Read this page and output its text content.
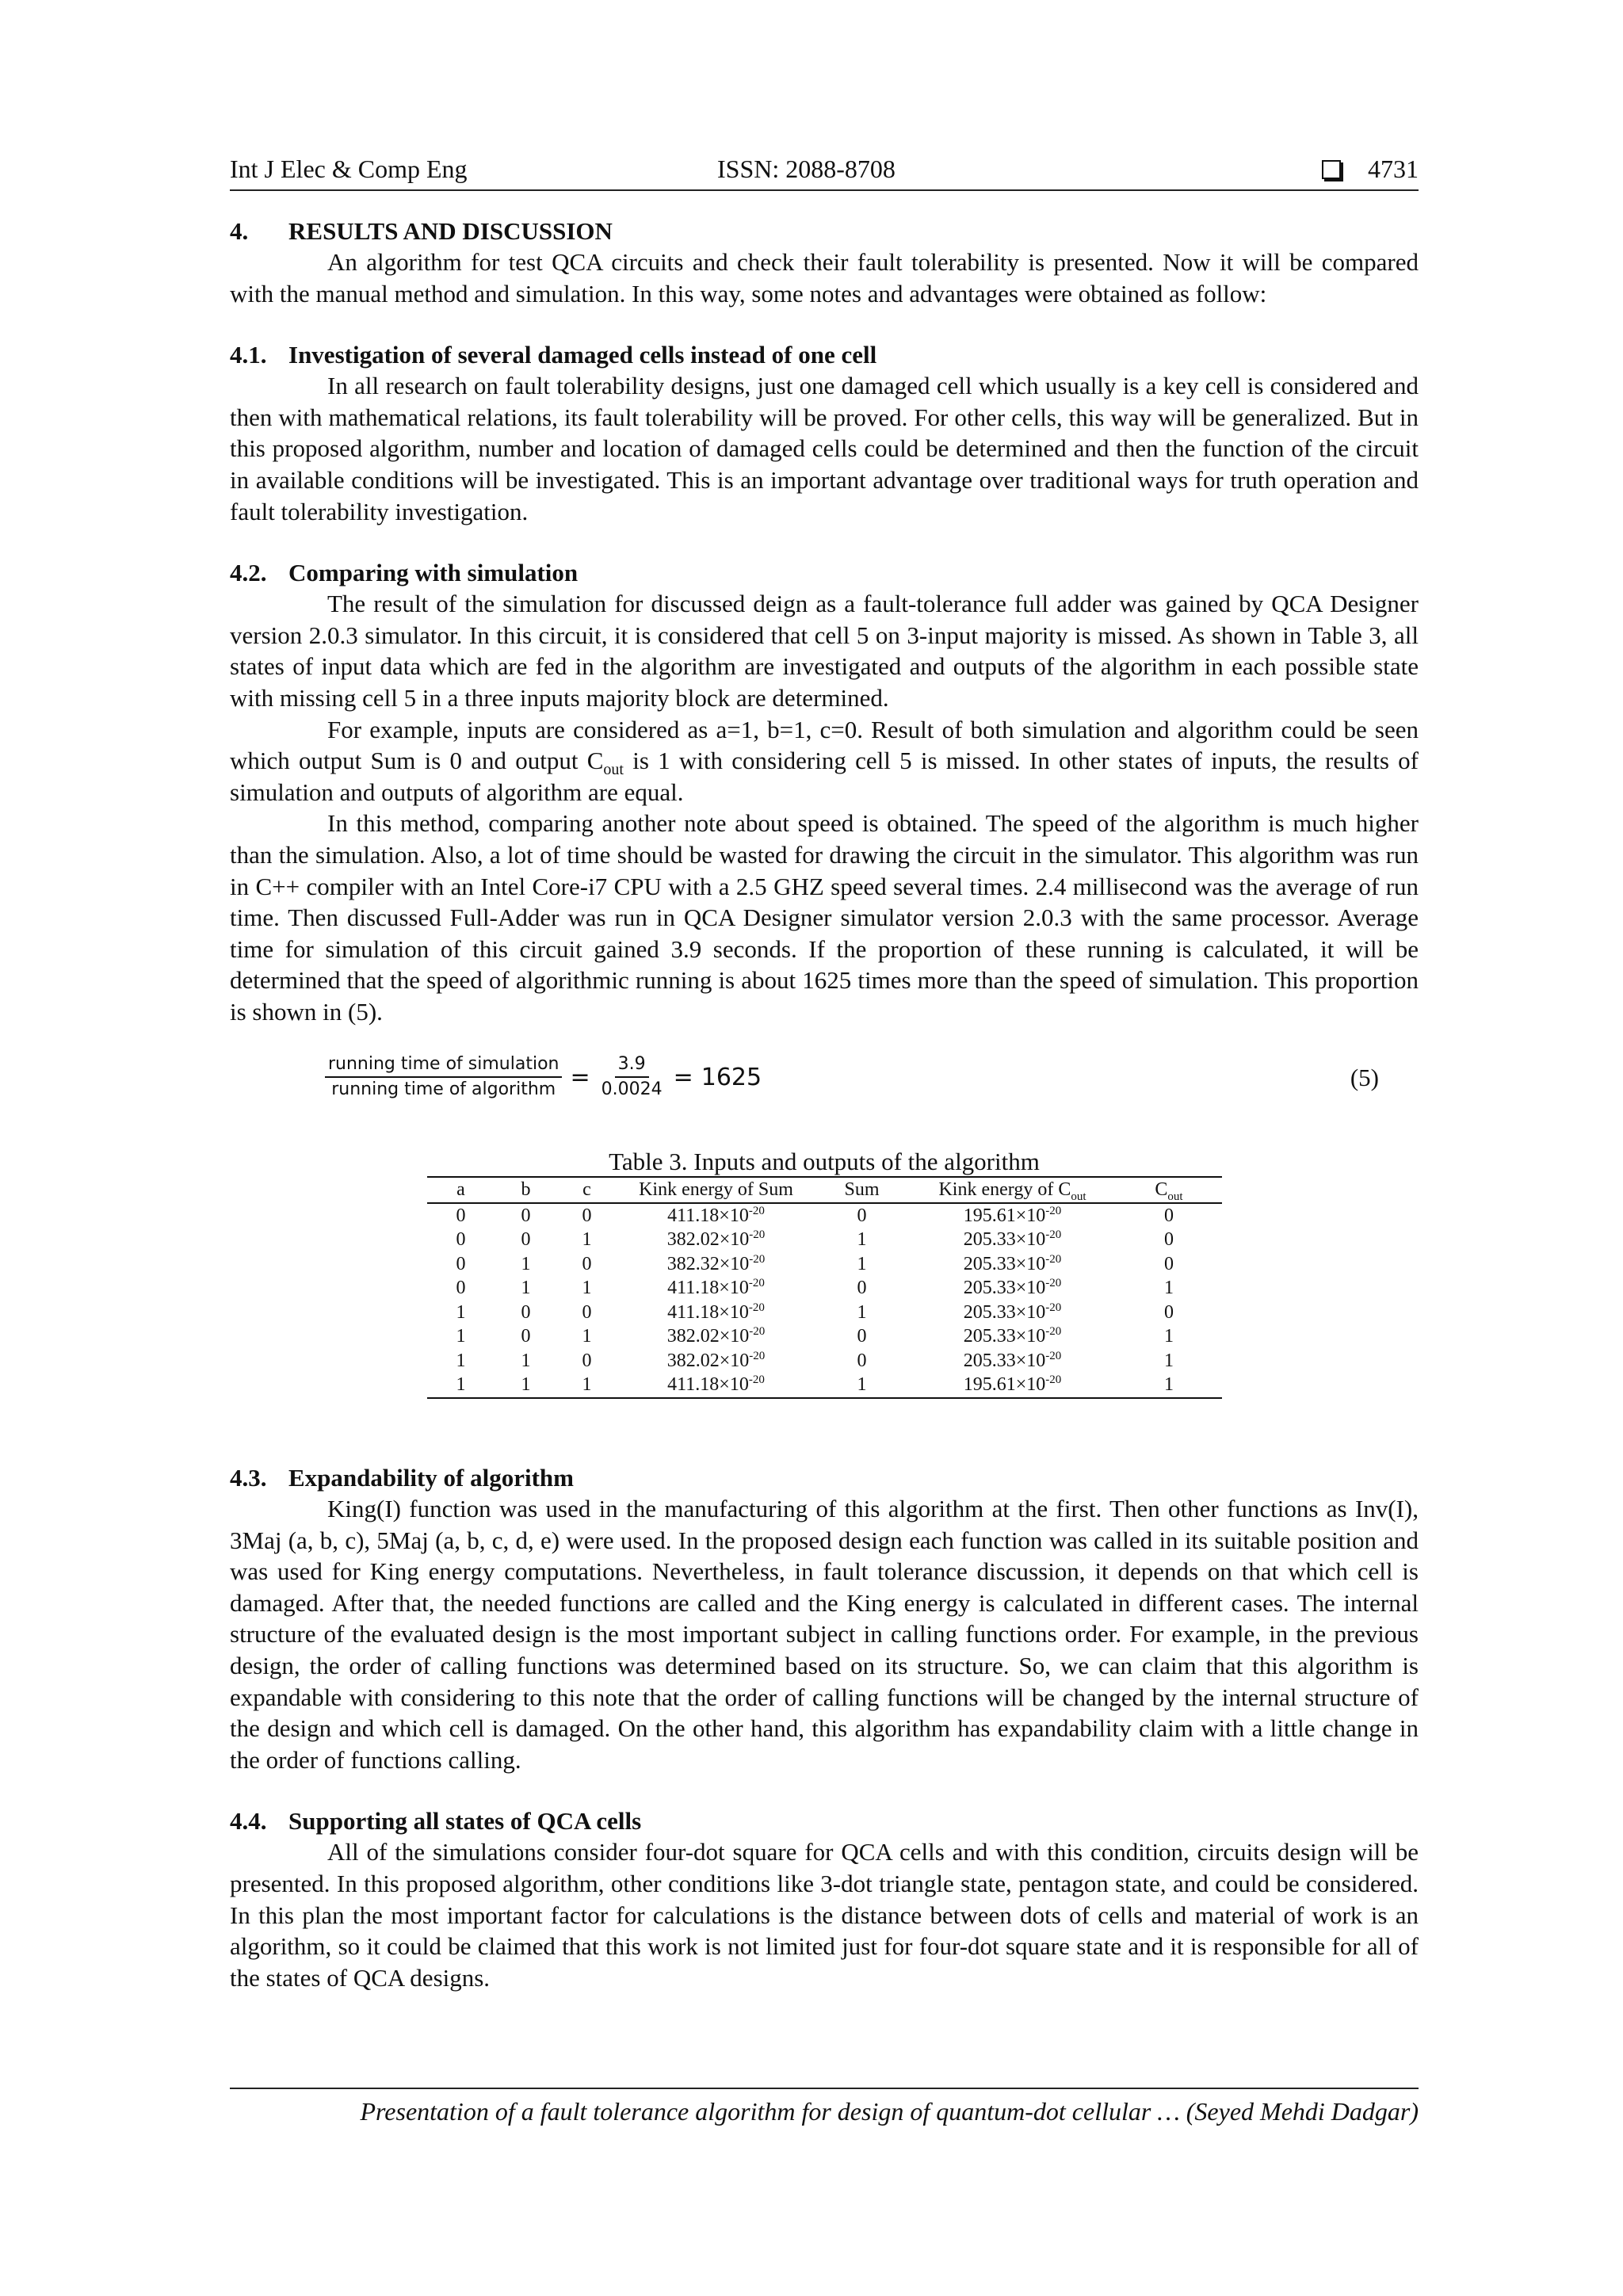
Int J Elec & Comp Eng	ISSN: 2088-8708	4731
4. RESULTS AND DISCUSSION

An algorithm for test QCA circuits and check their fault tolerability is presented. Now it will be compared with the manual method and simulation. In this way, some notes and advantages were obtained as follow:

4.1. Investigation of several damaged cells instead of one cell

In all research on fault tolerability designs, just one damaged cell which usually is a key cell is considered and then with mathematical relations, its fault tolerability will be proved. For other cells, this way will be generalized. But in this proposed algorithm, number and location of damaged cells could be determined and then the function of the circuit in available conditions will be investigated. This is an important advantage over traditional ways for truth operation and fault tolerability investigation.

4.2. Comparing with simulation

The result of the simulation for discussed deign as a fault-tolerance full adder was gained by QCA Designer version 2.0.3 simulator. In this circuit, it is considered that cell 5 on 3-input majority is missed. As shown in Table 3, all states of input data which are fed in the algorithm are investigated and outputs of the algorithm in each possible state with missing cell 5 in a three inputs majority block are determined.

For example, inputs are considered as a=1, b=1, c=0. Result of both simulation and algorithm could be seen which output Sum is 0 and output $C_{out}$ is 1 with considering cell 5 is missed. In other states of inputs, the results of simulation and outputs of algorithm are equal.

In this method, comparing another note about speed is obtained. The speed of the algorithm is much higher than the simulation. Also, a lot of time should be wasted for drawing the circuit in the simulator. This algorithm was run in C++ compiler with an Intel Core-i7 CPU with a 2.5 GHZ speed several times. 2.4 millisecond was the average of run time. Then discussed Full-Adder was run in QCA Designer simulator version 2.0.3 with the same processor. Average time for simulation of this circuit gained 3.9 seconds. If the proportion of these running is calculated, it will be determined that the speed of algorithmic running is about 1625 times more than the speed of simulation. This proportion is shown in (5).

$\frac{\text{running time of simulation}}{\text{running time of algorithm}} = \frac{3.9}{0.0024} = 1625$	(5)
Table 3. Inputs and outputs of the algorithm
a	b	c	Kink energy of Sum	Sum	Kink energy of $C_{out}$	$C_{out}$
0	0	0	$411.18\times 10^{-20}$	0	$195.61\times 10^{-20}$	0
0	0	1	$382.02\times 10^{-20}$	1	$205.33\times 10^{-20}$	0
0	1	0	$382.32\times 10^{-20}$	1	$205.33\times 10^{-20}$	0
0	1	1	$411.18\times 10^{-20}$	0	$205.33\times 10^{-20}$	1
1	0	0	$411.18\times 10^{-20}$	1	$205.33\times 10^{-20}$	0
1	0	1	$382.02\times 10^{-20}$	0	$205.33\times 10^{-20}$	1
1	1	0	$382.02\times 10^{-20}$	0	$205.33\times 10^{-20}$	1
1	1	1	$411.18\times 10^{-20}$	1	$195.61\times 10^{-20}$	1
4.3. Expandability of algorithm

King(I) function was used in the manufacturing of this algorithm at the first. Then other functions as Inv(I), 3Maj (a, b, c), 5Maj (a, b, c, d, e) were used. In the proposed design each function was called in its suitable position and was used for King energy computations. Nevertheless, in fault tolerance discussion, it depends on that which cell is damaged. After that, the needed functions are called and the King energy is calculated in different cases. The internal structure of the evaluated design is the most important subject in calling functions order. For example, in the previous design, the order of calling functions was determined based on its structure. So, we can claim that this algorithm is expandable with considering to this note that the order of calling functions will be changed by the internal structure of the design and which cell is damaged. On the other hand, this algorithm has expandability claim with a little change in the order of functions calling.

4.4. Supporting all states of QCA cells

All of the simulations consider four-dot square for QCA cells and with this condition, circuits design will be presented. In this proposed algorithm, other conditions like 3-dot triangle state, pentagon state, and could be considered. In this plan the most important factor for calculations is the distance between dots of cells and material of work is an algorithm, so it could be claimed that this work is not limited just for four-dot square state and it is responsible for all of the states of QCA designs.

Presentation of a fault tolerance algorithm for design of quantum-dot cellular … (Seyed Mehdi Dadgar)
